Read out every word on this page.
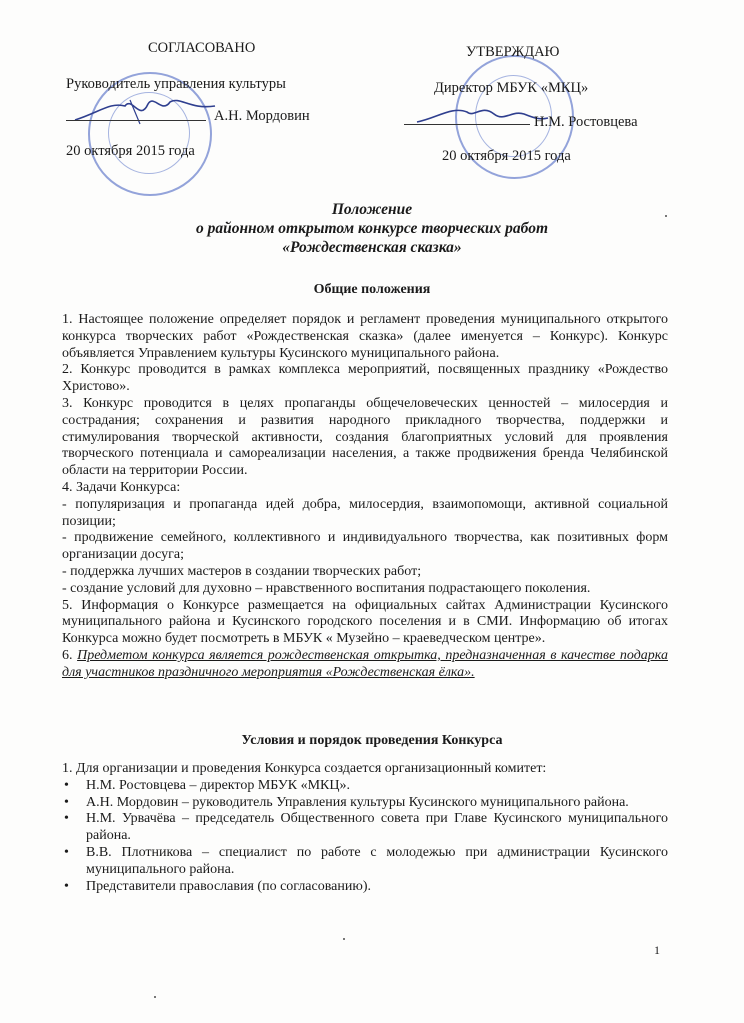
СОГЛАСОВАНО
Руководитель управления культуры
А.Н. Мордовин
20 октября 2015 года
УТВЕРЖДАЮ
Директор МБУК «МКЦ»
Н.М. Ростовцева
20 октября 2015 года
Положение
о районном открытом конкурсе творческих работ
«Рождественская сказка»
Общие положения

1. Настоящее положение определяет порядок и регламент проведения муниципального открытого конкурса творческих работ «Рождественская сказка» (далее именуется – Конкурс). Конкурс объявляется Управлением культуры Кусинского муниципального района.

2. Конкурс проводится в рамках комплекса мероприятий, посвященных празднику «Рождество Христово».

3. Конкурс проводится в целях пропаганды общечеловеческих ценностей – милосердия и сострадания; сохранения и развития народного прикладного творчества, поддержки и стимулирования творческой активности, создания благоприятных условий для проявления творческого потенциала и самореализации населения, а также продвижения бренда Челябинской области на территории России.

4. Задачи Конкурса:

- популяризация и пропаганда идей добра, милосердия, взаимопомощи, активной социальной позиции;

- продвижение семейного, коллективного и индивидуального творчества, как позитивных форм организации досуга;

- поддержка лучших мастеров в создании творческих работ;

- создание условий для духовно – нравственного воспитания подрастающего поколения.

5. Информация о Конкурсе размещается на официальных сайтах Администрации Кусинского муниципального района и Кусинского городского поселения и в СМИ. Информацию об итогах Конкурса можно будет посмотреть в МБУК « Музейно – краеведческом центре».

6. Предметом конкурса является рождественская открытка, предназначенная в качестве подарка для участников праздничного мероприятия «Рождественская ёлка».

Условия и порядок проведения Конкурса

1. Для организации и проведения Конкурса создается организационный комитет:

• Н.М. Ростовцева – директор МБУК «МКЦ».

• А.Н. Мордовин – руководитель Управления культуры Кусинского муниципального района.

• Н.М. Урвачёва – председатель Общественного совета при Главе Кусинского муниципального района.

• В.В. Плотникова – специалист по работе с молодежью при администрации Кусинского муниципального района.

• Представители православия (по согласованию).

1
